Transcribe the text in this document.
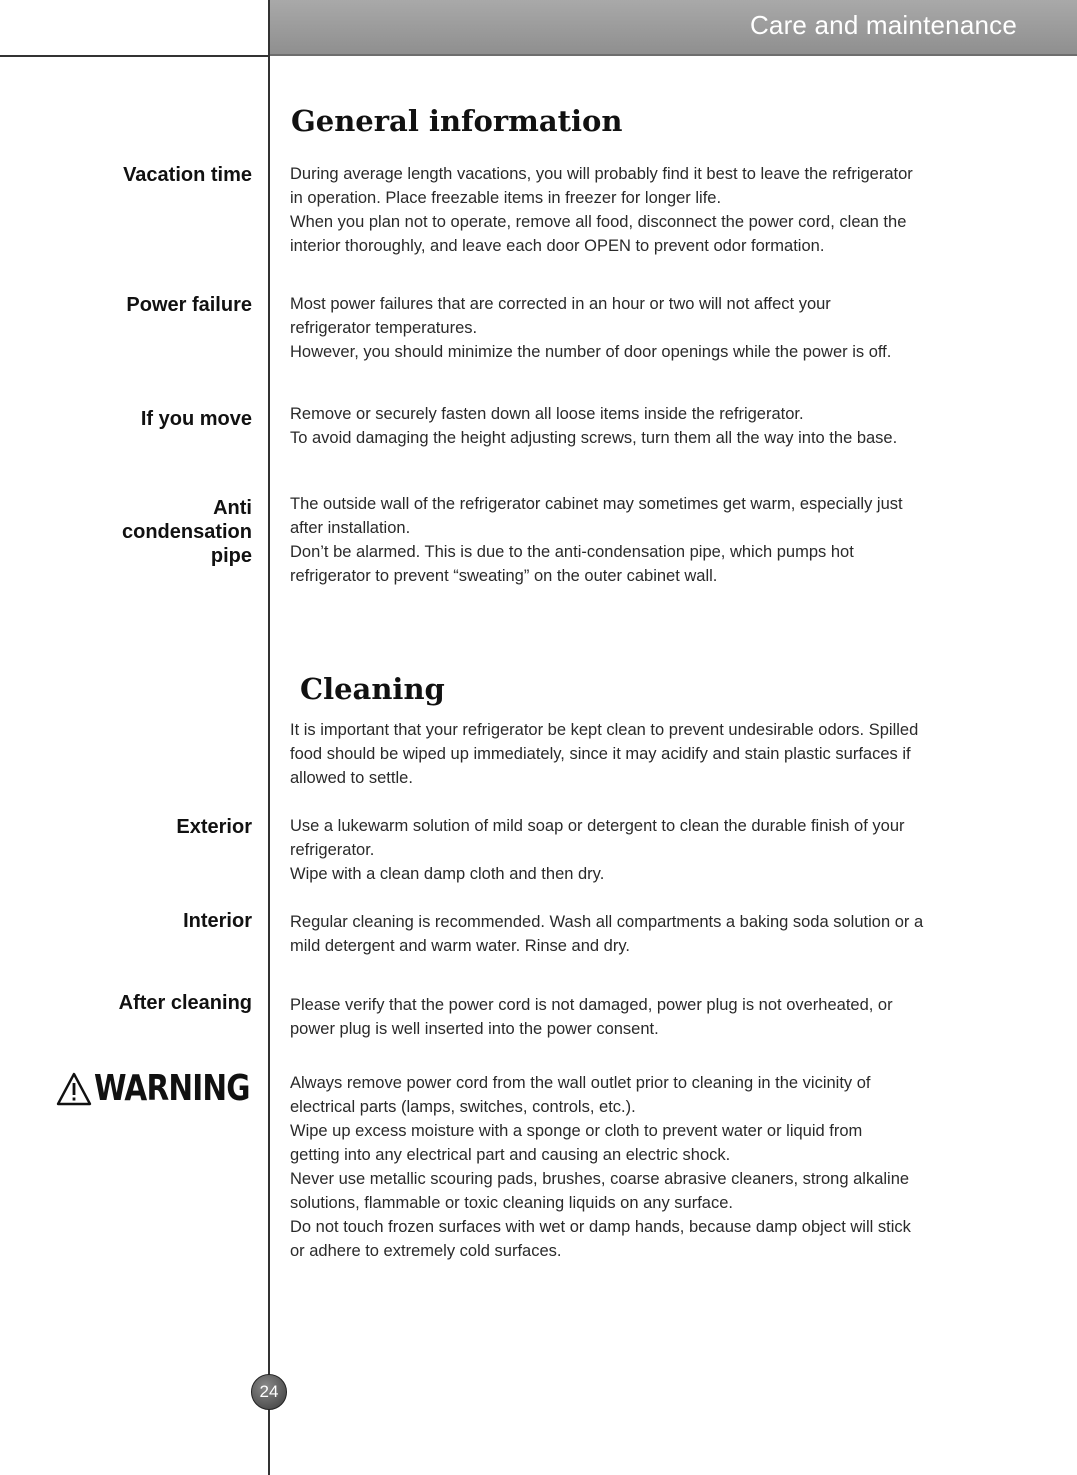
Care and maintenance
General information
Vacation time During average length vacations, you will probably find it best to leave the refrigerator
in operation. Place freezable items in freezer for longer life.
When you plan not to operate, remove all food, disconnect the power cord, clean the
interior thoroughly, and leave each door OPEN to prevent odor formation.
Power failure Most power failures that are corrected in an hour or two will not affect your
refrigerator temperatures.
However, you should minimize the number of door openings while the power is off.
If you move Remove or securely fasten down all loose items inside the refrigerator.
To avoid damaging the height adjusting screws, turn them all the way into the base.
Anti
condensation
pipe
The outside wall of the refrigerator cabinet may sometimes get warm, especially just
after installation.
Don’t be alarmed. This is due to the anti-condensation pipe, which pumps hot
refrigerator to prevent “sweating” on the outer cabinet wall.
Cleaning
It is important that your refrigerator be kept clean to prevent undesirable odors. Spilled
food should be wiped up immediately, since it may acidify and stain plastic surfaces if
allowed to settle.
Exterior Use a lukewarm solution of mild soap or detergent to clean the durable finish of your
refrigerator.
Wipe with a clean damp cloth and then dry.
Interior Regular cleaning is recommended. Wash all compartments a baking soda solution or a
mild detergent and warm water. Rinse and dry.
After cleaning Please verify that the power cord is not damaged, power plug is not overheated, or
power plug is well inserted into the power consent.
WARNING Always remove power cord from the wall outlet prior to cleaning in the vicinity of
electrical parts (lamps, switches, controls, etc.).
Wipe up excess moisture with a sponge or cloth to prevent water or liquid from
getting into any electrical part and causing an electric shock.
Never use metallic scouring pads, brushes, coarse abrasive cleaners, strong alkaline
solutions, flammable or toxic cleaning liquids on any surface.
Do not touch frozen surfaces with wet or damp hands, because damp object will stick
or adhere to extremely cold surfaces.
24
